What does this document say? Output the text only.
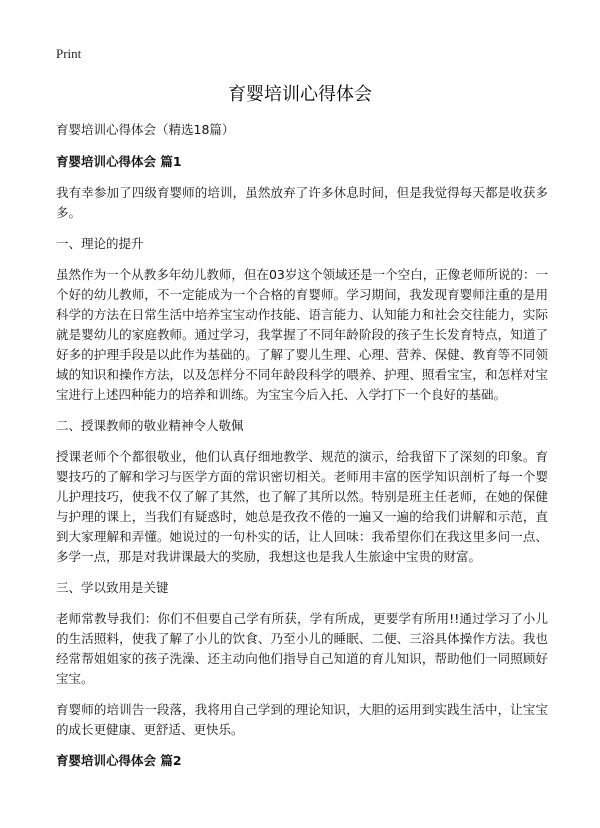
Print
育婴培训心得体会

育婴培训心得体会（精选18篇）

育婴培训心得体会 篇1

我有幸参加了四级育婴师的培训，虽然放弃了许多休息时间，但是我觉得每天都是收获多多。

一、理论的提升

虽然作为一个从教多年幼儿教师，但在03岁这个领域还是一个空白，正像老师所说的：一个好的幼儿教师，不一定能成为一个合格的育婴师。学习期间，我发现育婴师注重的是用科学的方法在日常生活中培养宝宝动作技能、语言能力、认知能力和社会交往能力，实际就是婴幼儿的家庭教师。通过学习，我掌握了不同年龄阶段的孩子生长发育特点，知道了好多的护理手段是以此作为基础的。了解了婴儿生理、心理、营养、保健、教育等不同领域的知识和操作方法，以及怎样分不同年龄段科学的喂养、护理、照看宝宝，和怎样对宝宝进行上述四种能力的培养和训练。为宝宝今后入托、入学打下一个良好的基础。

二、授课教师的敬业精神令人敬佩

授课老师个个都很敬业，他们认真仔细地教学、规范的演示，给我留下了深刻的印象。育婴技巧的了解和学习与医学方面的常识密切相关。老师用丰富的医学知识剖析了每一个婴儿护理技巧，使我不仅了解了其然，也了解了其所以然。特别是班主任老师，在她的保健与护理的课上，当我们有疑惑时，她总是孜孜不倦的一遍又一遍的给我们讲解和示范，直到大家理解和弄懂。她说过的一句朴实的话，让人回味：我希望你们在我这里多问一点、多学一点，那是对我讲课最大的奖励，我想这也是我人生旅途中宝贵的财富。

三、学以致用是关键

老师常教导我们：你们不但要自己学有所获，学有所成，更要学有所用!!通过学习了小儿的生活照料，使我了解了小儿的饮食、乃至小儿的睡眠、二便、三浴具体操作方法。我也经常帮姐姐家的孩子洗澡、还主动向他们指导自己知道的育儿知识，帮助他们一同照顾好宝宝。

育婴师的培训告一段落，我将用自己学到的理论知识，大胆的运用到实践生活中，让宝宝的成长更健康、更舒适、更快乐。

育婴培训心得体会 篇2
